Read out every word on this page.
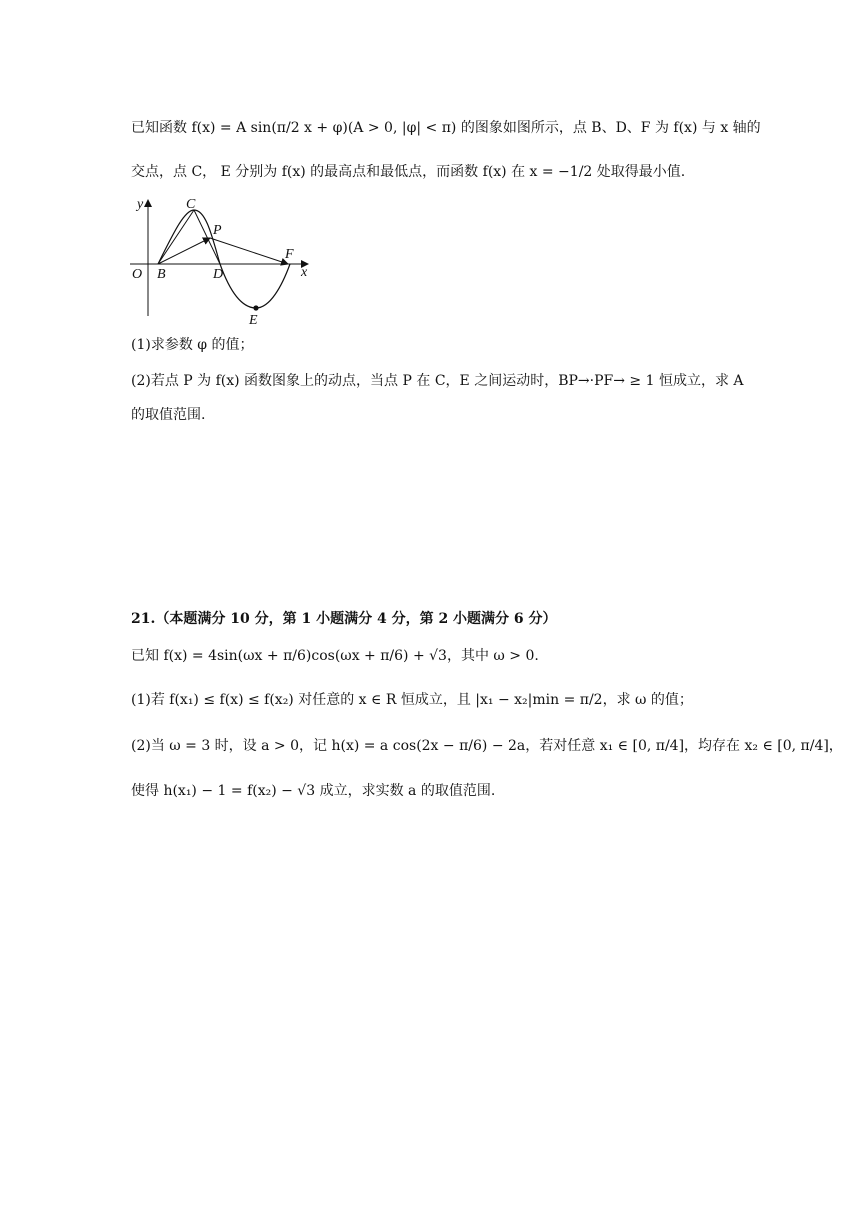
已知函数 f(x) = A sin(π/2 x + φ)(A > 0, |φ| < π) 的图象如图所示，点 B、D、F 为 f(x) 与 x 轴的
交点，点 C， E 分别为 f(x) 的最高点和最低点，而函数 f(x) 在 x = −1/2 处取得最小值.
y
x
O B
C
D
E
F
P
(1)求参数 φ 的值；
(2)若点 P 为 f(x) 函数图象上的动点，当点 P 在 C，E 之间运动时，BP→·PF→ ≥ 1 恒成立，求 A
的取值范围.
21.（本题满分 10 分，第 1 小题满分 4 分，第 2 小题满分 6 分）
已知 f(x) = 4sin(ωx + π/6)cos(ωx + π/6) + √3，其中 ω > 0.
(1)若 f(x₁) ≤ f(x) ≤ f(x₂) 对任意的 x ∈ R 恒成立，且 |x₁ − x₂|min = π/2，求 ω 的值；
(2)当 ω = 3 时，设 a > 0，记 h(x) = a cos(2x − π/6) − 2a，若对任意 x₁ ∈ [0, π/4]，均存在 x₂ ∈ [0, π/4]，
使得 h(x₁) − 1 = f(x₂) − √3 成立，求实数 a 的取值范围.
